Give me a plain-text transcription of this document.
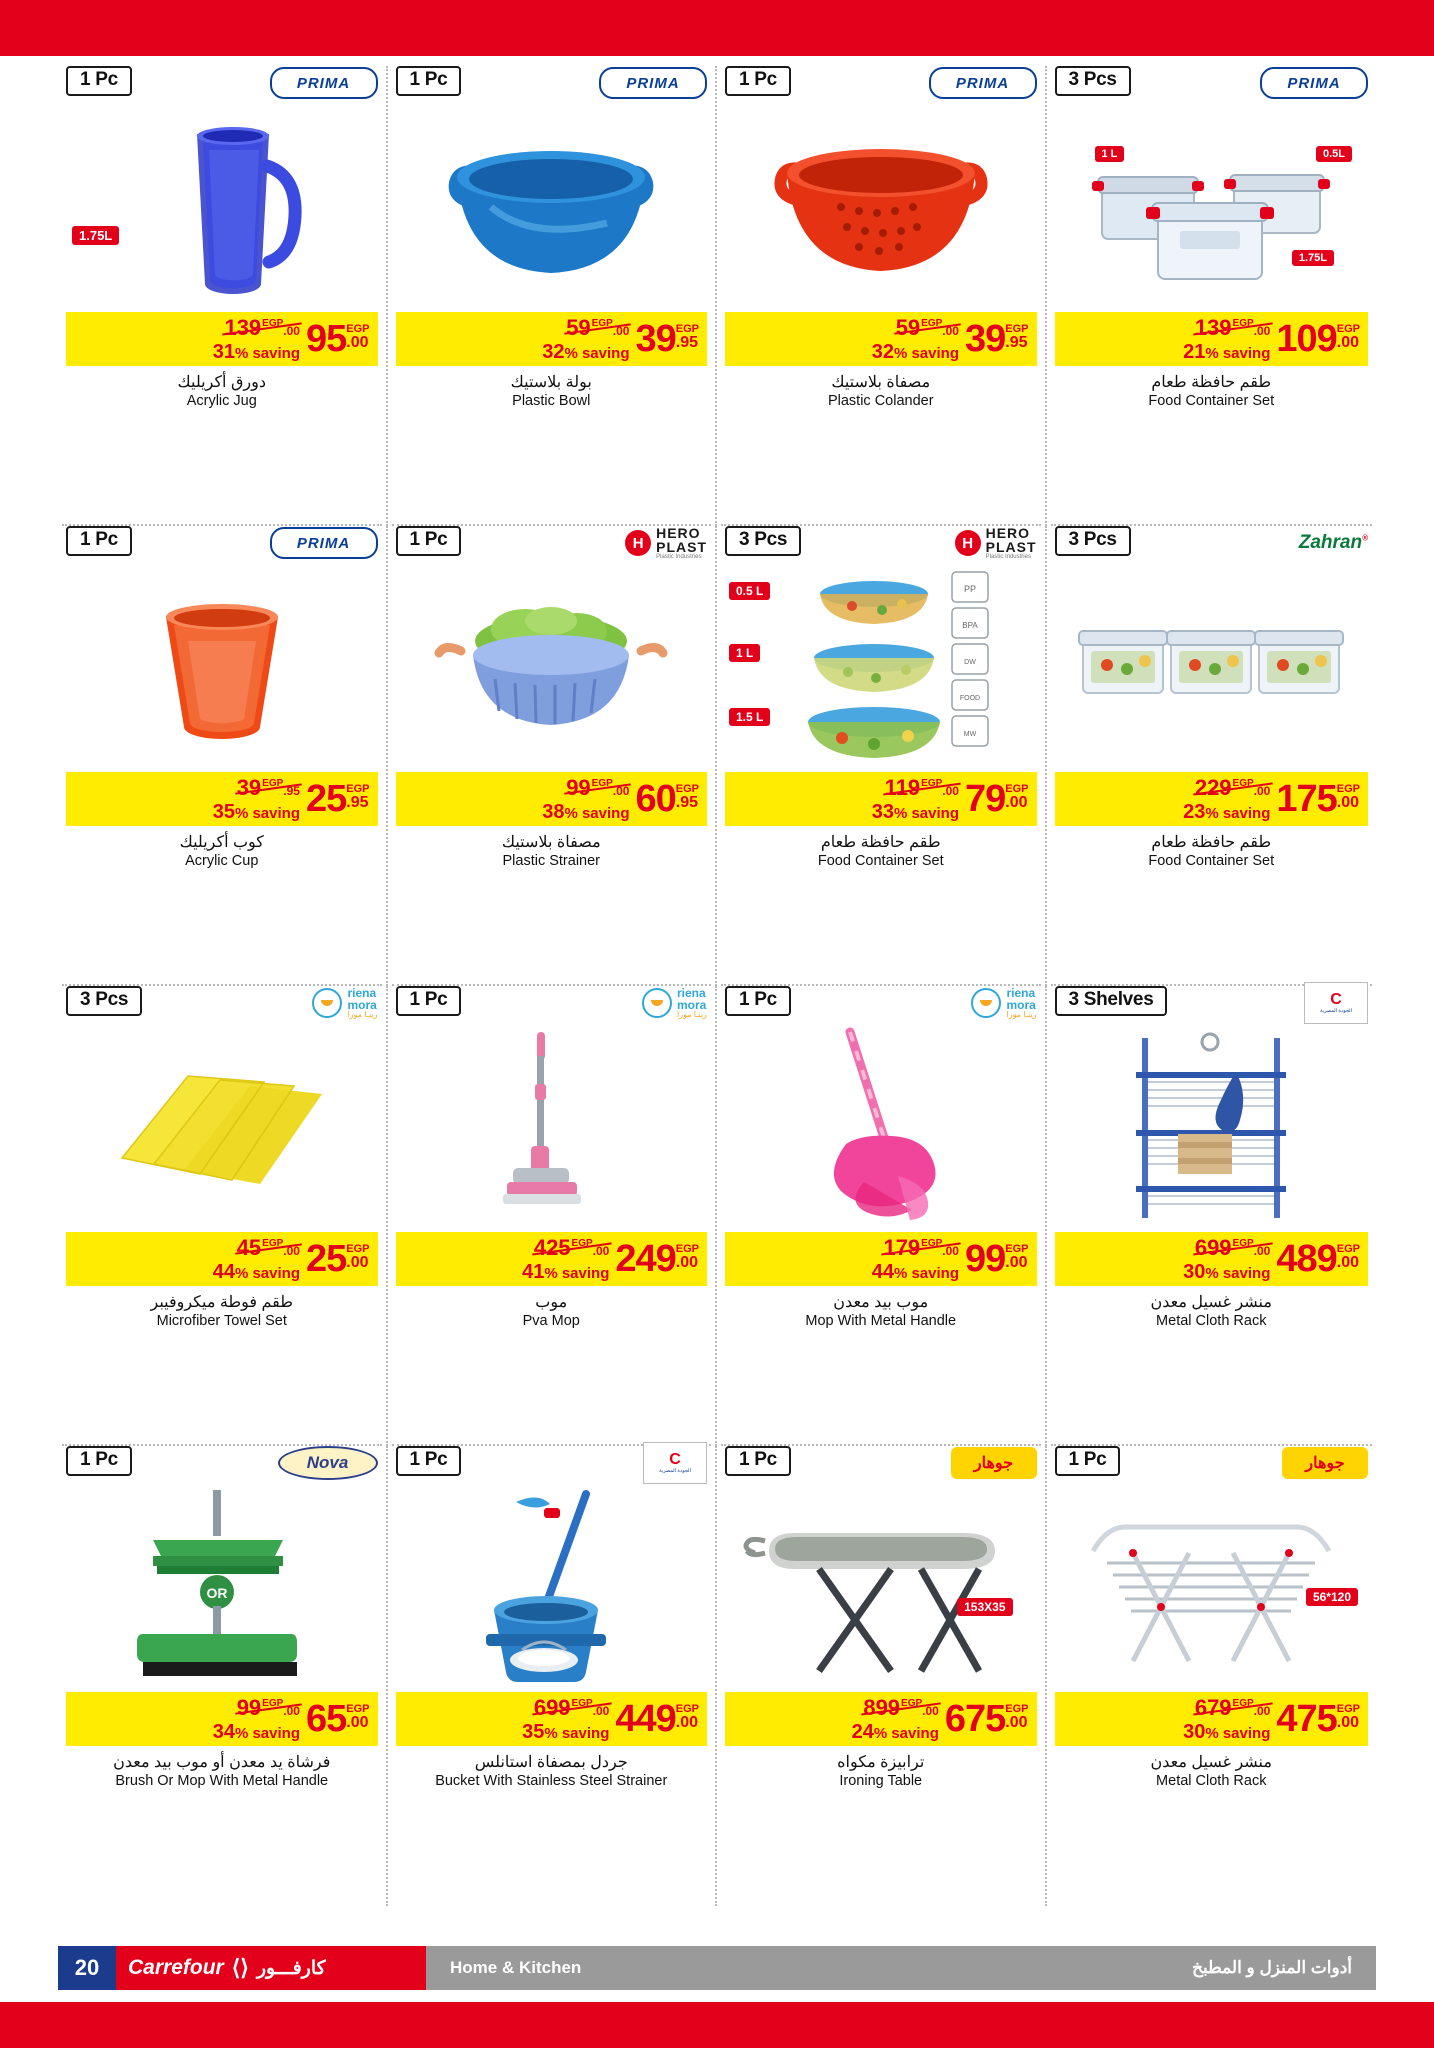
1 Pc	PRIMA
1.75L
$139^{EGP}.00$
31% saving 95 EGP
.00
دورق أكريليك
Acrylic Jug
1 Pc	PRIMA
$59^{EGP}.00$
32% saving 39 EGP
.95
بولة بلاستيك
Plastic Bowl
1 Pc	PRIMA
$59^{EGP}.00$
32% saving 39 EGP
.95
مصفاة بلاستيك
Plastic Colander
3 Pcs	PRIMA
1 L	0.5L
1.75L
$139^{EGP}.00$
21% saving 109 EGP
.00
طقم حافظة طعام
Food Container Set
1 Pc	PRIMA
$39^{EGP}.95$
35% saving 25 EGP
.95
كوب أكريليك
Acrylic Cup
1 Pc	H
HERO
PLAST
Plastic Industries
$99^{EGP}.00$
38% saving 60 EGP
.95
مصفاة بلاستيك
Plastic Strainer
3 Pcs	H
HERO
PLAST
Plastic Industries
0.5 L
1 L
1.5 L
PP
BPA
DW
FOOD
MW
$119^{EGP}.00$
33% saving 79 EGP
.00
طقم حافظة طعام
Food Container Set
3 Pcs	Zahran®
$229^{EGP}.00$
23% saving 175 EGP
.00
طقم حافظة طعام
Food Container Set
3 Pcs	riena
mora
رينـا مورا
$45^{EGP}.00$
44% saving 25 EGP
.00
طقم فوطة ميكروفيبر
Microfiber Towel Set
1 Pc	riena
mora
رينـا مورا
$425^{EGP}.00$
41% saving 249 EGP
.00
موب
Pva Mop
1 Pc	riena
mora
رينـا مورا
$179^{EGP}.00$
44% saving 99 EGP
.00
موب بيد معدن
Mop With Metal Handle
3 Shelves	C
الجودة المصرية
$699^{EGP}.00$
30% saving 489 EGP
.00
منشر غسيل معدن
Metal Cloth Rack
1 Pc	Nova
OR
$99^{EGP}.00$
34% saving 65 EGP
.00
فرشاة يد معدن أو موب بيد معدن
Brush Or Mop With Metal Handle
1 Pc	C
الجودة المصرية
$699^{EGP}.00$
35% saving 449 EGP
.00
جردل بمصفاة استانلس
Bucket With Stainless Steel Strainer
1 Pc	جوهار
153X35
$899^{EGP}.00$
24% saving 675 EGP
.00
ترابيزة مكواه
Ironing Table
1 Pc	جوهار
56*120
$679^{EGP}.00$
30% saving 475 EGP
.00
منشر غسيل معدن
Metal Cloth Rack
20	Carrefour ⟨⟩ كارفـــور	Home & Kitchen	أدوات المنزل و المطبخ
